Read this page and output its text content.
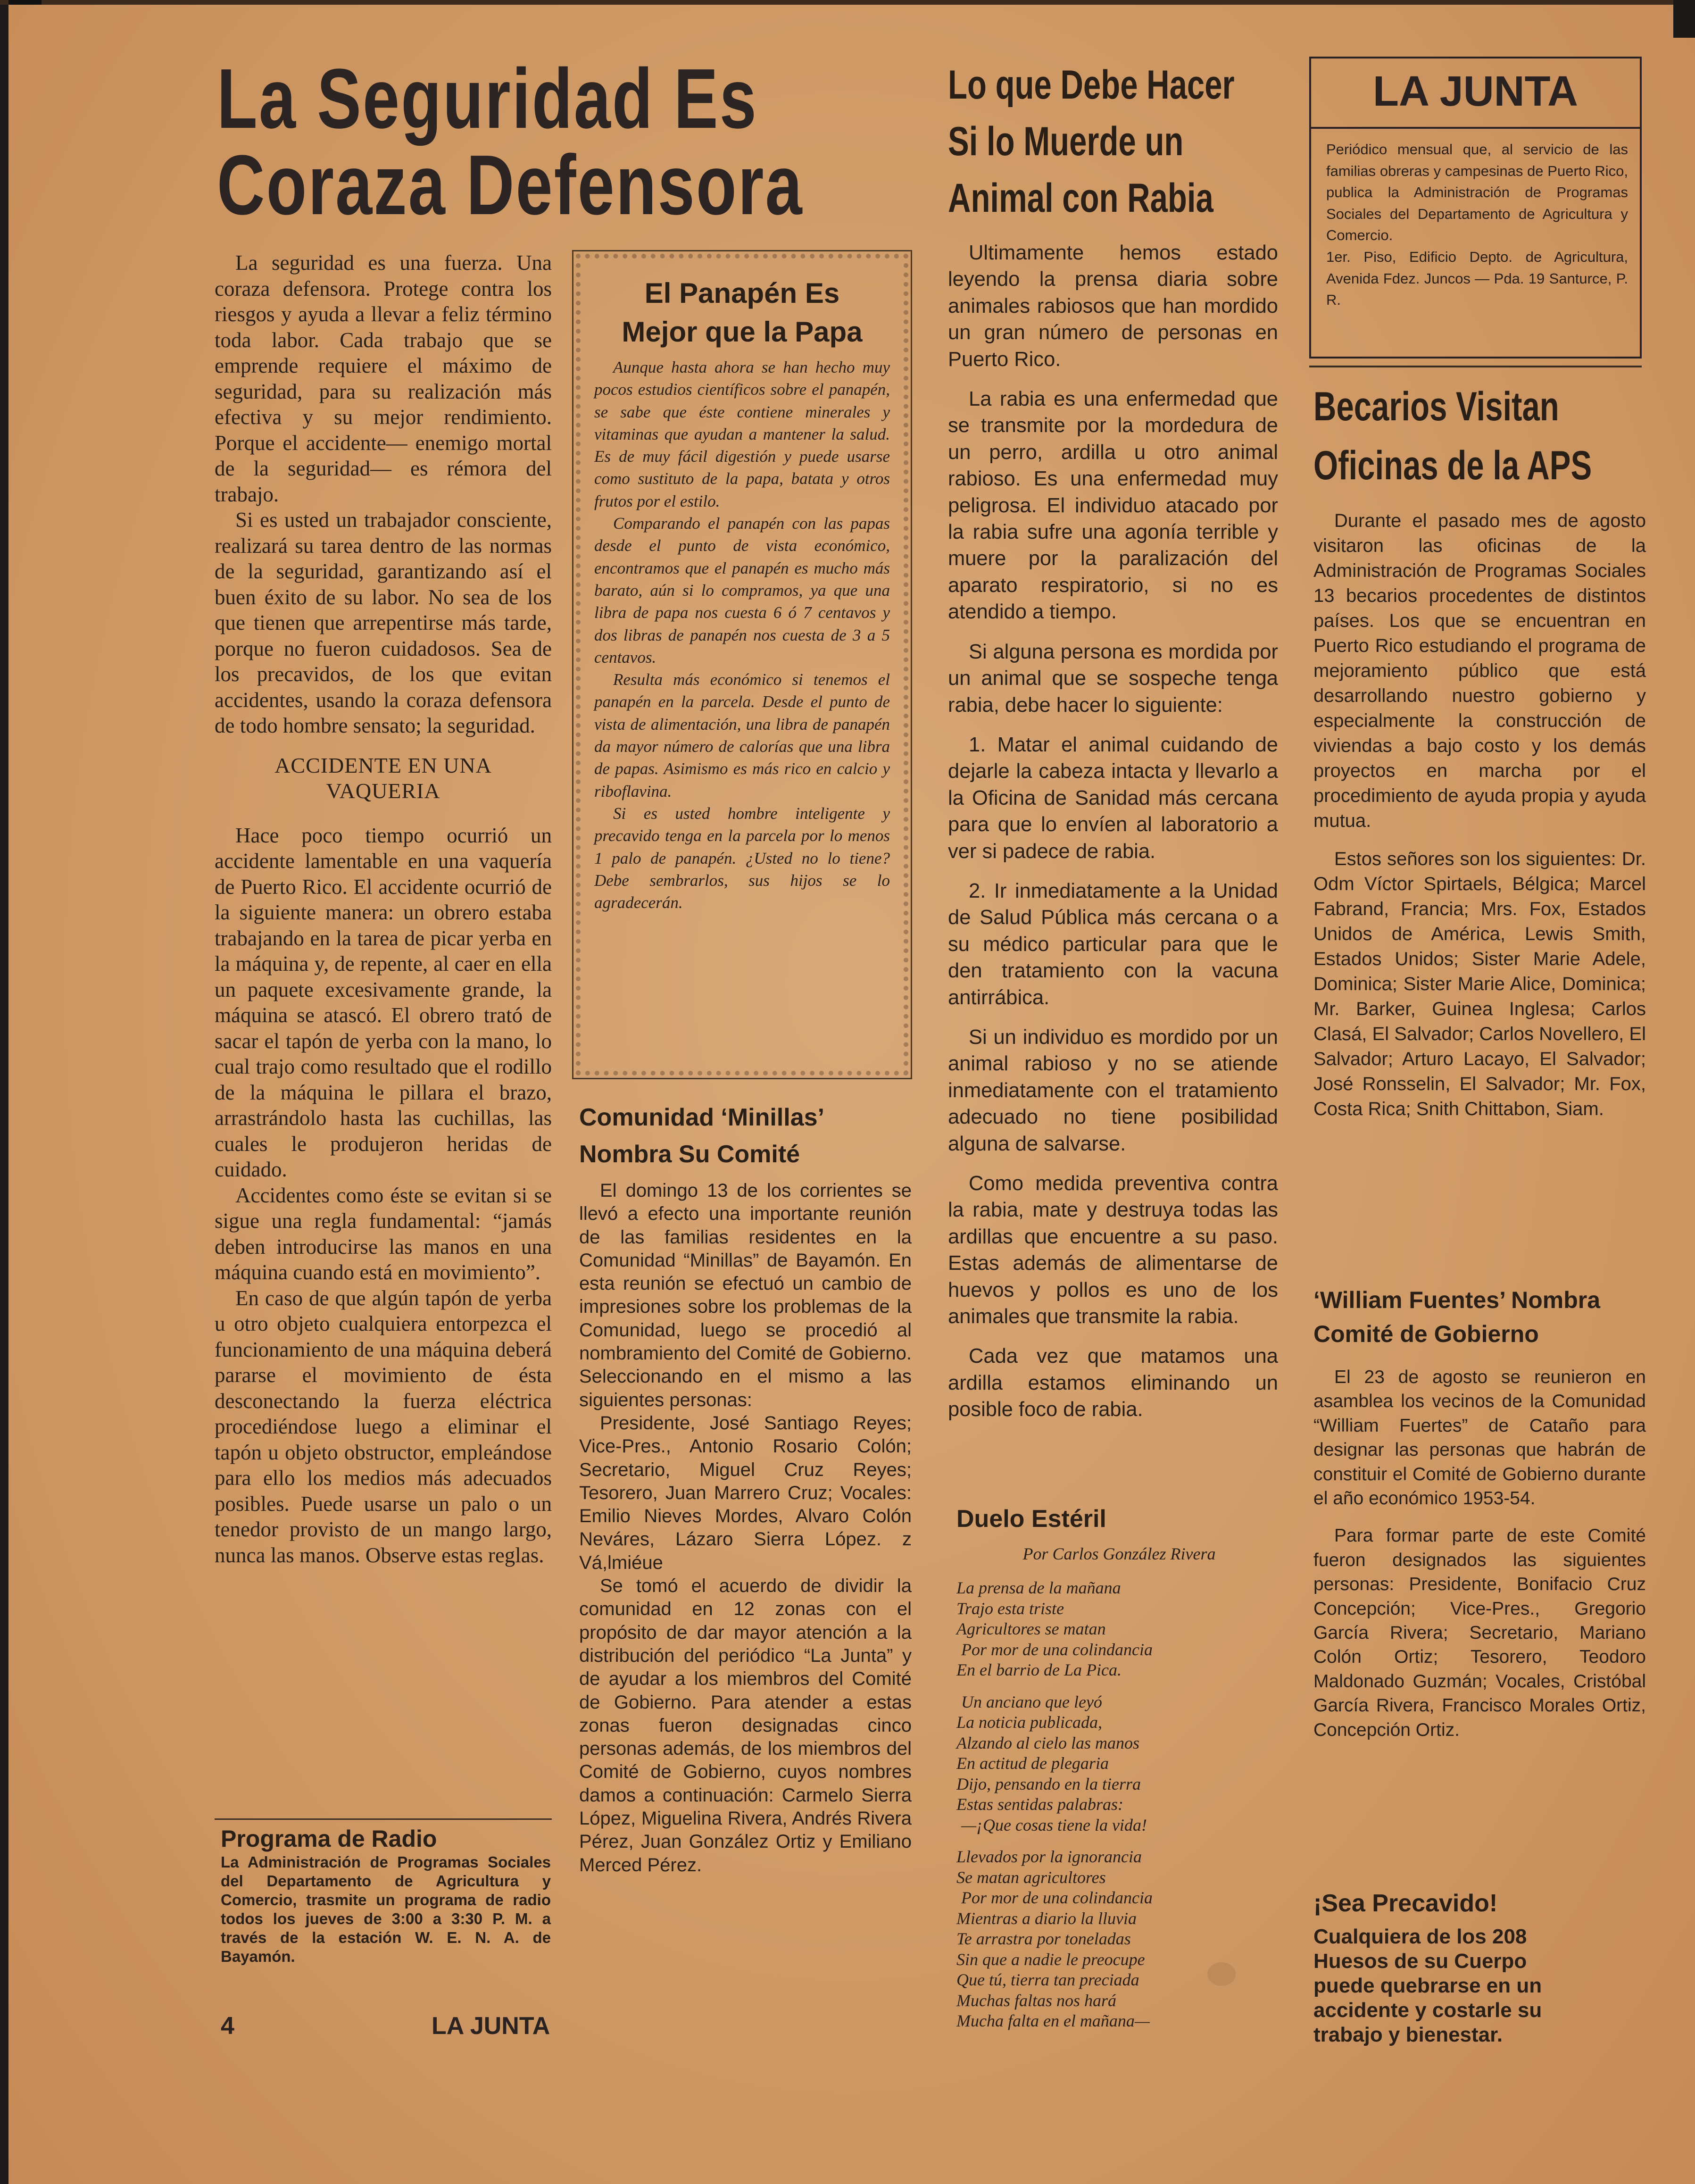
La Seguridad Es
Coraza Defensora

La seguridad es una fuerza. Una coraza defensora. Protege contra los riesgos y ayuda a llevar a feliz término toda labor. Cada trabajo que se emprende requiere el máximo de seguridad, para su realización más efectiva y su mejor rendimiento. Porque el accidente— enemigo mortal de la seguridad— es rémora del trabajo.

Si es usted un trabajador consciente, realizará su tarea dentro de las normas de la seguridad, garantizando así el buen éxito de su labor. No sea de los que tienen que arrepentirse más tarde, porque no fueron cuidadosos. Sea de los precavidos, de los que evitan accidentes, usando la coraza defensora de todo hombre sensato; la seguridad.

ACCIDENTE EN UNA
VAQUERIA

Hace poco tiempo ocurrió un accidente lamentable en una vaquería de Puerto Rico. El accidente ocurrió de la siguiente manera: un obrero estaba trabajando en la tarea de picar yerba en la máquina y, de repente, al caer en ella un paquete excesivamente grande, la máquina se atascó. El obrero trató de sacar el tapón de yerba con la mano, lo cual trajo como resultado que el rodillo de la máquina le pillara el brazo, arrastrándolo hasta las cuchillas, las cuales le produjeron heridas de cuidado.

Accidentes como éste se evitan si se sigue una regla fundamental: “jamás deben introducirse las manos en una máquina cuando está en movimiento”.

En caso de que algún tapón de yerba u otro objeto cualquiera entorpezca el funcionamiento de una máquina deberá pararse el movimiento de ésta desconectando la fuerza eléctrica procediéndose luego a eliminar el tapón u objeto obstructor, empleándose para ello los medios más adecuados posibles. Puede usarse un palo o un tenedor provisto de un mango largo, nunca las manos. Observe estas reglas.

Programa de Radio

La Administración de Programas Sociales del Departamento de Agricultura y Comercio, trasmite un programa de radio todos los jueves de 3:00 a 3:30 P. M. a través de la estación W. E. N. A. de Bayamón.
4	LA JUNTA

El Panapén Es
Mejor que la Papa

Aunque hasta ahora se han hecho muy pocos estudios científicos sobre el panapén, se sabe que éste contiene minerales y vitaminas que ayudan a mantener la salud. Es de muy fácil digestión y puede usarse como sustituto de la papa, batata y otros frutos por el estilo.

Comparando el panapén con las papas desde el punto de vista económico, encontramos que el panapén es mucho más barato, aún si lo compramos, ya que una libra de papa nos cuesta 6 ó 7 centavos y dos libras de panapén nos cuesta de 3 a 5 centavos.

Resulta más económico si tenemos el panapén en la parcela. Desde el punto de vista de alimentación, una libra de panapén da mayor número de calorías que una libra de papas. Asimismo es más rico en calcio y riboflavina.

Si es usted hombre inteligente y precavido tenga en la parcela por lo menos 1 palo de panapén. ¿Usted no lo tiene? Debe sembrarlos, sus hijos se lo agradecerán.

Comunidad ‘Minillas’
Nombra Su Comité

El domingo 13 de los corrientes se llevó a efecto una importante reunión de las familias residentes en la Comunidad “Minillas” de Bayamón. En esta reunión se efectuó un cambio de impresiones sobre los problemas de la Comunidad, luego se procedió al nombramiento del Comité de Gobierno. Seleccionando en el mismo a las siguientes personas:

Presidente, José Santiago Reyes; Vice-Pres., Antonio Rosario Colón; Secretario, Miguel Cruz Reyes; Tesorero, Juan Marrero Cruz; Vocales: Emilio Nieves Mordes, Alvaro Colón Neváres, Lázaro Sierra López. z Vá,lmiéue

Se tomó el acuerdo de dividir la comunidad en 12 zonas con el propósito de dar mayor atención a la distribución del periódico “La Junta” y de ayudar a los miembros del Comité de Gobierno. Para atender a estas zonas fueron designadas cinco personas además, de los miembros del Comité de Gobierno, cuyos nombres damos a continuación: Carmelo Sierra López, Miguelina Rivera, Andrés Rivera Pérez, Juan González Ortiz y Emiliano Merced Pérez.

Lo que Debe Hacer
Si lo Muerde un
Animal con Rabia

Ultimamente hemos estado leyendo la prensa diaria sobre animales rabiosos que han mordido un gran número de personas en Puerto Rico.

La rabia es una enfermedad que se transmite por la mordedura de un perro, ardilla u otro animal rabioso. Es una enfermedad muy peligrosa. El individuo atacado por la rabia sufre una agonía terrible y muere por la paralización del aparato respiratorio, si no es atendido a tiempo.

Si alguna persona es mordida por un animal que se sospeche tenga rabia, debe hacer lo siguiente:

1. Matar el animal cuidando de dejarle la cabeza intacta y llevarlo a la Oficina de Sanidad más cercana para que lo envíen al laboratorio a ver si padece de rabia.

2. Ir inmediatamente a la Unidad de Salud Pública más cercana o a su médico particular para que le den tratamiento con la vacuna antirrábica.

Si un individuo es mordido por un animal rabioso y no se atiende inmediatamente con el tratamiento adecuado no tiene posibilidad alguna de salvarse.

Como medida preventiva contra la rabia, mate y destruya todas las ardillas que encuentre a su paso. Estas además de alimentarse de huevos y pollos es uno de los animales que transmite la rabia.

Cada vez que matamos una ardilla estamos eliminando un posible foco de rabia.

Duelo Estéril

Por Carlos González Rivera
La prensa de la mañana
Trajo esta triste
Agricultores se matan
Por mor de una colindancia
En el barrio de La Pica.
Un anciano que leyó
La noticia publicada,
Alzando al cielo las manos
En actitud de plegaria
Dijo, pensando en la tierra
Estas sentidas palabras:
—¡Que cosas tiene la vida!
Llevados por la ignorancia
Se matan agricultores
Por mor de una colindancia
Mientras a diario la lluvia
Te arrastra por toneladas
Sin que a nadie le preocupe
Que tú, tierra tan preciada
Muchas faltas nos hará
Mucha falta en el mañana—
LA JUNTA
Periódico mensual que, al servicio de las familias obreras y campesinas de Puerto Rico, publica la Administración de Programas Sociales del Departamento de Agricultura y Comercio.
1er. Piso, Edificio Depto. de Agricultura, Avenida Fdez. Juncos — Pda. 19 Santurce, P. R.

Becarios Visitan
Oficinas de la APS

Durante el pasado mes de agosto visitaron las oficinas de la Administración de Programas Sociales 13 becarios procedentes de distintos países. Los que se encuentran en Puerto Rico estudiando el programa de mejoramiento público que está desarrollando nuestro gobierno y especialmente la construcción de viviendas a bajo costo y los demás proyectos en marcha por el procedimiento de ayuda propia y ayuda mutua.

Estos señores son los siguientes: Dr. Odm Víctor Spirtaels, Bélgica; Marcel Fabrand, Francia; Mrs. Fox, Estados Unidos de América, Lewis Smith, Estados Unidos; Sister Marie Adele, Dominica; Sister Marie Alice, Dominica; Mr. Barker, Guinea Inglesa; Carlos Clasá, El Salvador; Carlos Novellero, El Salvador; Arturo Lacayo, El Salvador; José Ronsselin, El Salvador; Mr. Fox, Costa Rica; Snith Chittabon, Siam.

‘William Fuentes’ Nombra
Comité de Gobierno

El 23 de agosto se reunieron en asamblea los vecinos de la Comunidad “William Fuertes” de Cataño para designar las personas que habrán de constituir el Comité de Gobierno durante el año económico 1953-54.

Para formar parte de este Comité fueron designados las siguientes personas: Presidente, Bonifacio Cruz Concepción; Vice-Pres., Gregorio García Rivera; Secretario, Mariano Colón Ortiz; Tesorero, Teodoro Maldonado Guzmán; Vocales, Cristóbal García Rivera, Francisco Morales Ortiz, Concepción Ortiz.

¡Sea Precavido!

Cualquiera de los 208 Huesos de su Cuerpo puede quebrarse en un accidente y costarle su trabajo y bienestar.
